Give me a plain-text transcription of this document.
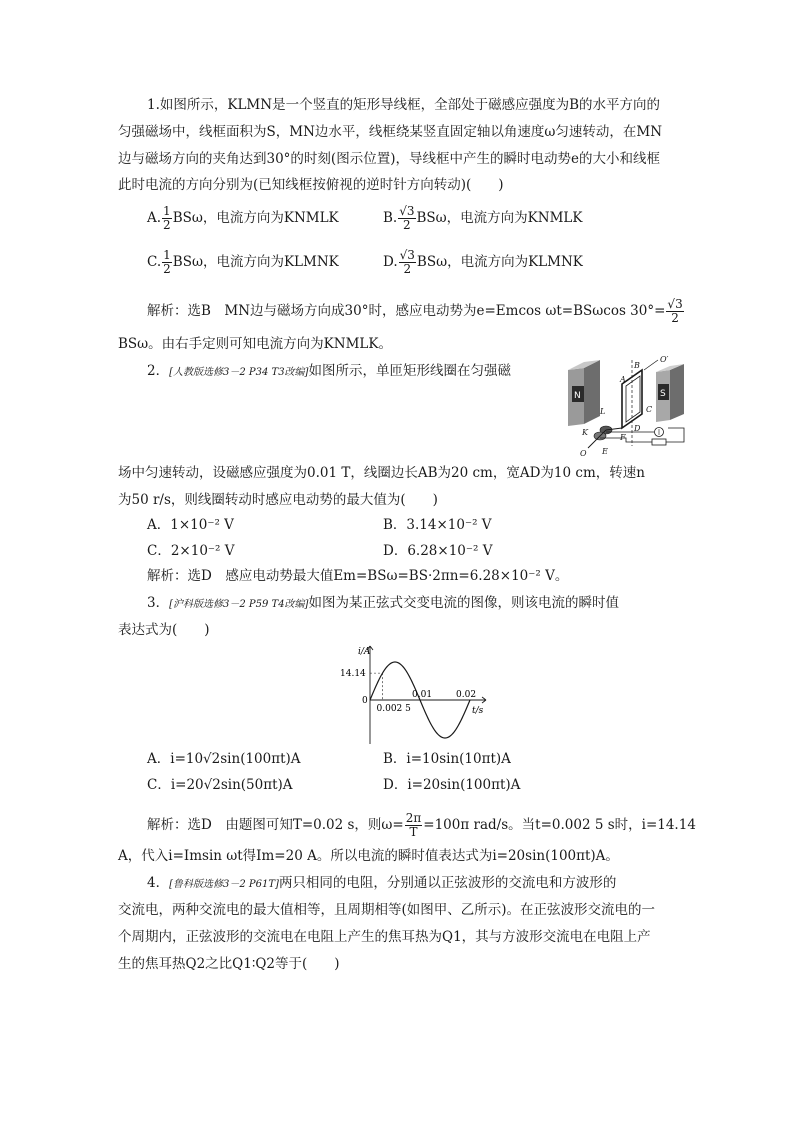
1.如图所示，KLMN是一个竖直的矩形导线框，全部处于磁感应强度为B的水平方向的
匀强磁场中，线框面积为S，MN边水平，线框绕某竖直固定轴以角速度ω匀速转动，在MN
边与磁场方向的夹角达到30°的时刻(图示位置)，导线框中产生的瞬时电动势e的大小和线框
此时电流的方向分别为(已知线框按俯视的逆时针方向转动)(　　)
A. $\frac{1}{2}$ BSω，电流方向为KNMLK	B. $\frac{√3}{2}$ BSω，电流方向为KNMLK
C. $\frac{1}{2}$ BSω，电流方向为KLMNK	D. $\frac{√3}{2}$ BSω，电流方向为KLMNK
解析：选B　MN边与磁场方向成30°时，感应电动势为e=Emcos ωt=BSωcos $30^\circ= \frac{√3}{2}$
BSω。由右手定则可知电流方向为KNMLK。
2．[人教版选修3－2 P34 T3改编]如图所示，单匝矩形线圈在匀强磁
N	S
B
O′
A
L	C
K	D
F
O E
场中匀速转动，设磁感应强度为0.01 T，线圈边长AB为20 cm，宽AD为10 cm，转速n
为50 r/s，则线圈转动时感应电动势的最大值为(　　)
A．1×10⁻² V	B．3.14×10⁻² V
C．2×10⁻² V	D．6.28×10⁻² V
解析：选D　感应电动势最大值Em=BSω=BS·2πn=6.28×10⁻² V。
3．[沪科版选修3－2 P59 T4改编]如图为某正弦式交变电流的图像，则该电流的瞬时值
表达式为(　　)
i/A
t/s
14.14
0
0.002 5
0.01	0.02
A．i=10√2sin(100πt)A	B．i=10sin(10πt)A
C．i=20√2sin(50πt)A	D．i=20sin(100πt)A
解析：选D　由题图可知T=0.02 s，则$\omega= \frac{2\pi}{T} =100\pi$ rad/s。当t=0.002 5 s时，i=14.14
A，代入i=Imsin ωt得Im=20 A。所以电流的瞬时值表达式为i=20sin(100πt)A。
4．[鲁科版选修3－2 P61T]两只相同的电阻，分别通以正弦波形的交流电和方波形的
交流电，两种交流电的最大值相等，且周期相等(如图甲、乙所示)。在正弦波形交流电的一
个周期内，正弦波形的交流电在电阻上产生的焦耳热为Q1，其与方波形交流电在电阻上产
生的焦耳热Q2之比Q1∶Q2等于(　　)
